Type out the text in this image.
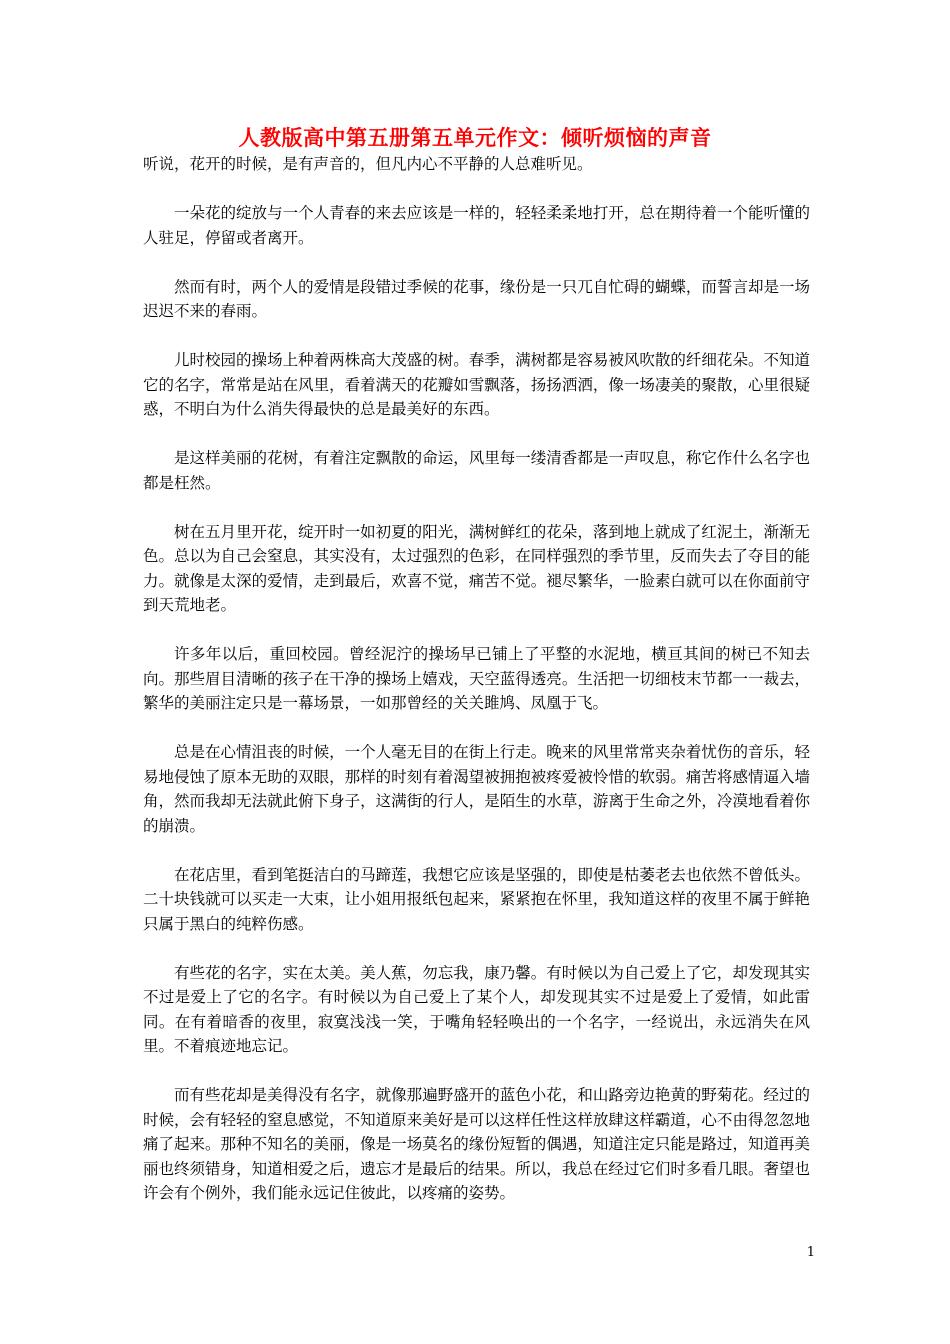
人教版高中第五册第五单元作文：倾听烦恼的声音

听说，花开的时候，是有声音的，但凡内心不平静的人总难听见。

一朵花的绽放与一个人青春的来去应该是一样的，轻轻柔柔地打开，总在期待着一个能听懂的人驻足，停留或者离开。

然而有时，两个人的爱情是段错过季候的花事，缘份是一只兀自忙碍的蝴蝶，而誓言却是一场迟迟不来的春雨。

儿时校园的操场上种着两株高大茂盛的树。春季，满树都是容易被风吹散的纤细花朵。不知道它的名字，常常是站在风里，看着满天的花瓣如雪飘落，扬扬洒洒，像一场凄美的聚散，心里很疑惑，不明白为什么消失得最快的总是最美好的东西。

是这样美丽的花树，有着注定飘散的命运，风里每一缕清香都是一声叹息，称它作什么名字也都是枉然。

树在五月里开花，绽开时一如初夏的阳光，满树鲜红的花朵，落到地上就成了红泥土，渐渐无色。总以为自己会窒息，其实没有，太过强烈的色彩，在同样强烈的季节里，反而失去了夺目的能力。就像是太深的爱情，走到最后，欢喜不觉，痛苦不觉。褪尽繁华，一脸素白就可以在你面前守到天荒地老。

许多年以后，重回校园。曾经泥泞的操场早已铺上了平整的水泥地，横亘其间的树已不知去向。那些眉目清晰的孩子在干净的操场上嬉戏，天空蓝得透亮。生活把一切细枝末节都一一裁去，繁华的美丽注定只是一幕场景，一如那曾经的关关雎鸠、凤凰于飞。

总是在心情沮丧的时候，一个人毫无目的在街上行走。晚来的风里常常夹杂着忧伤的音乐，轻易地侵蚀了原本无助的双眼，那样的时刻有着渴望被拥抱被疼爱被怜惜的软弱。痛苦将感情逼入墙角，然而我却无法就此俯下身子，这满街的行人，是陌生的水草，游离于生命之外，冷漠地看着你的崩溃。

在花店里，看到笔挺洁白的马蹄莲，我想它应该是坚强的，即使是枯萎老去也依然不曾低头。二十块钱就可以买走一大束，让小姐用报纸包起来，紧紧抱在怀里，我知道这样的夜里不属于鲜艳只属于黑白的纯粹伤感。

有些花的名字，实在太美。美人蕉，勿忘我，康乃馨。有时候以为自己爱上了它，却发现其实不过是爱上了它的名字。有时候以为自己爱上了某个人，却发现其实不过是爱上了爱情，如此雷同。在有着暗香的夜里，寂寞浅浅一笑，于嘴角轻轻唤出的一个名字，一经说出，永远消失在风里。不着痕迹地忘记。

而有些花却是美得没有名字，就像那遍野盛开的蓝色小花，和山路旁边艳黄的野菊花。经过的时候，会有轻轻的窒息感觉，不知道原来美好是可以这样任性这样放肆这样霸道，心不由得忽忽地痛了起来。那种不知名的美丽，像是一场莫名的缘份短暂的偶遇，知道注定只能是路过，知道再美丽也终须错身，知道相爱之后，遗忘才是最后的结果。所以，我总在经过它们时多看几眼。奢望也许会有个例外，我们能永远记住彼此，以疼痛的姿势。

1
